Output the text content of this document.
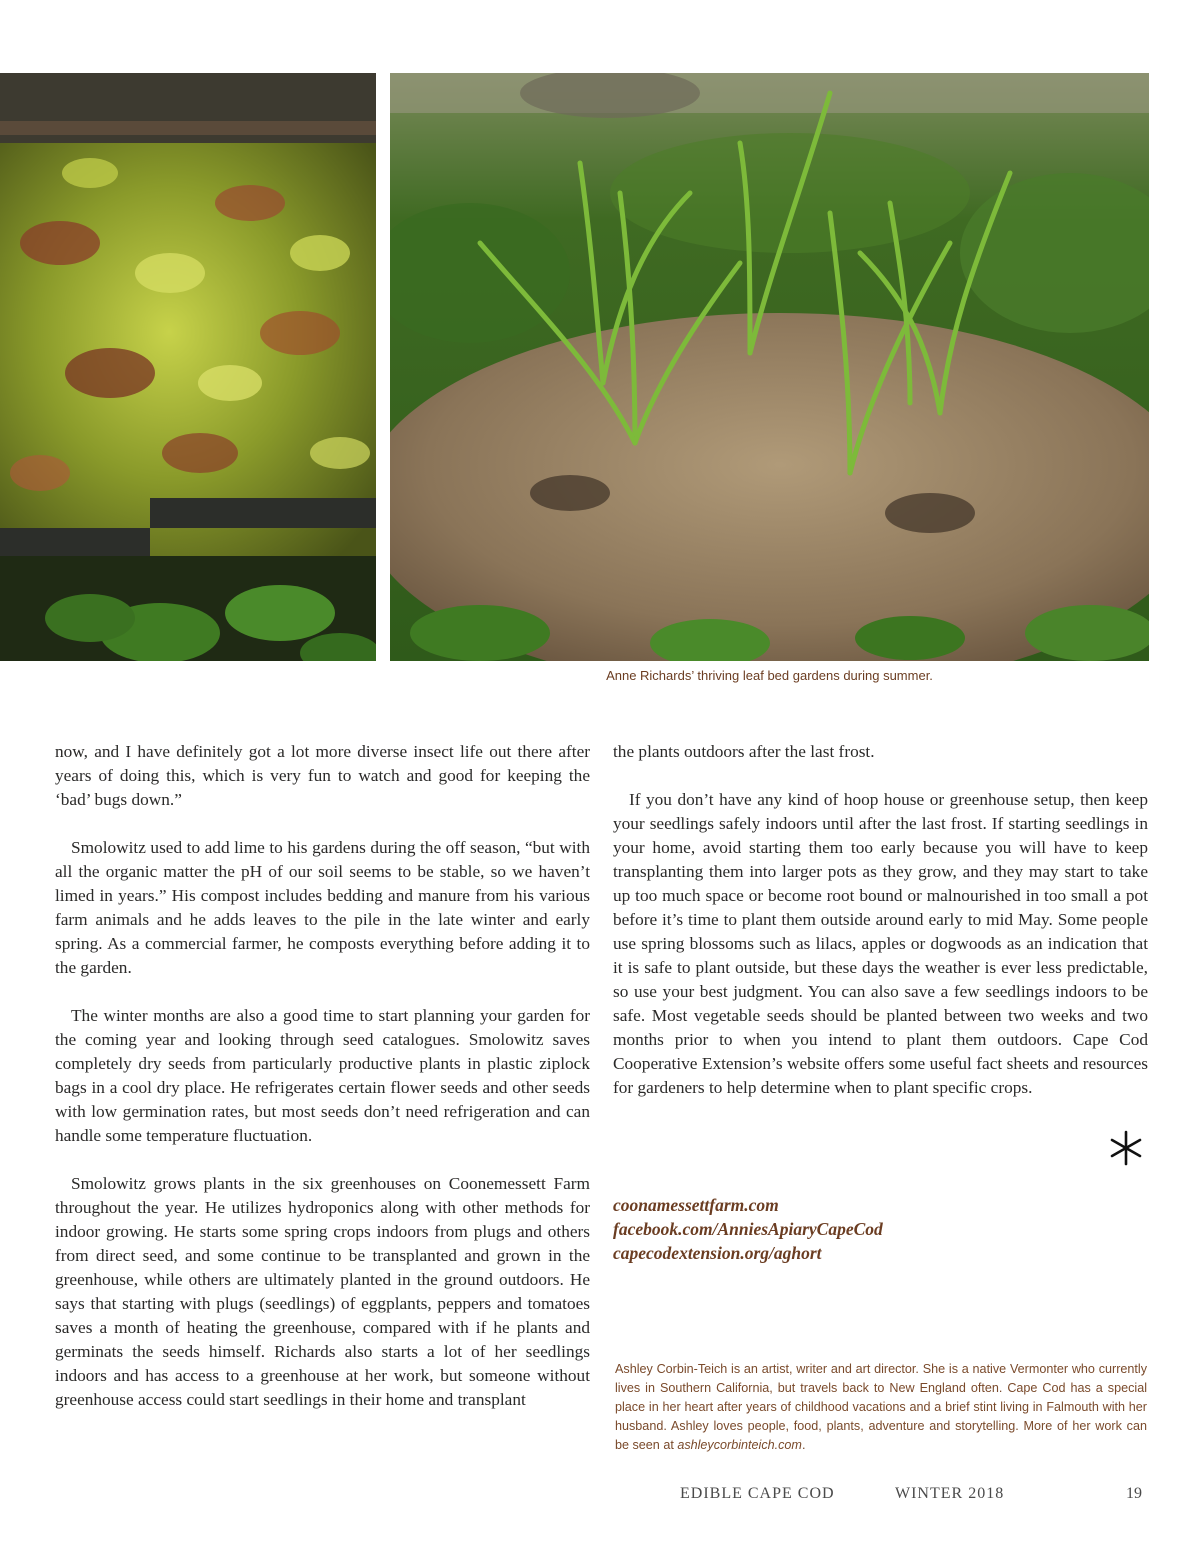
Anne Richards’ thriving leaf bed gardens during summer.

now, and I have definitely got a lot more diverse insect life out there after years of doing this, which is very fun to watch and good for keeping the ‘bad’ bugs down.”

Smolowitz used to add lime to his gardens during the off season, “but with all the organic matter the pH of our soil seems to be stable, so we haven’t limed in years.” His compost includes bedding and manure from his various farm animals and he adds leaves to the pile in the late winter and early spring. As a commercial farmer, he composts everything before adding it to the garden.

The winter months are also a good time to start planning your garden for the coming year and looking through seed catalogues. Smolowitz saves completely dry seeds from particularly productive plants in plastic ziplock bags in a cool dry place. He refrigerates certain flower seeds and other seeds with low germination rates, but most seeds don’t need refrigeration and can handle some temperature fluctuation.

Smolowitz grows plants in the six greenhouses on Coonemessett Farm throughout the year. He utilizes hydroponics along with other methods for indoor growing. He starts some spring crops indoors from plugs and others from direct seed, and some continue to be transplanted and grown in the greenhouse, while others are ultimately planted in the ground outdoors. He says that starting with plugs (seedlings) of eggplants, peppers and tomatoes saves a month of heating the greenhouse, compared with if he plants and germinats the seeds himself. Richards also starts a lot of her seedlings indoors and has access to a greenhouse at her work, but someone without greenhouse access could start seedlings in their home and transplant

the plants outdoors after the last frost.

If you don’t have any kind of hoop house or greenhouse setup, then keep your seedlings safely indoors until after the last frost. If starting seedlings in your home, avoid starting them too early because you will have to keep transplanting them into larger pots as they grow, and they may start to take up too much space or become root bound or malnourished in too small a pot before it’s time to plant them outside around early to mid May. Some people use spring blossoms such as lilacs, apples or dogwoods as an indication that it is safe to plant outside, but these days the weather is ever less predictable, so use your best judgment. You can also save a few seedlings indoors to be safe. Most vegetable seeds should be planted between two weeks and two months prior to when you intend to plant them outdoors. Cape Cod Cooperative Extension’s website offers some useful fact sheets and resources for gardeners to help determine when to plant specific crops.

coonamessettfarm.com
facebook.com/AnniesApiaryCapeCod
capecodextension.org/aghort
Ashley Corbin-Teich is an artist, writer and art director. She is a native Vermonter who currently lives in Southern California, but travels back to New England often. Cape Cod has a special place in her heart after years of childhood vacations and a brief stint living in Falmouth with her husband. Ashley loves people, food, plants, adventure and storytelling. More of her work can be seen at ashleycorbinteich.com.
EDIBLE CAPE COD	WINTER 2018	19
